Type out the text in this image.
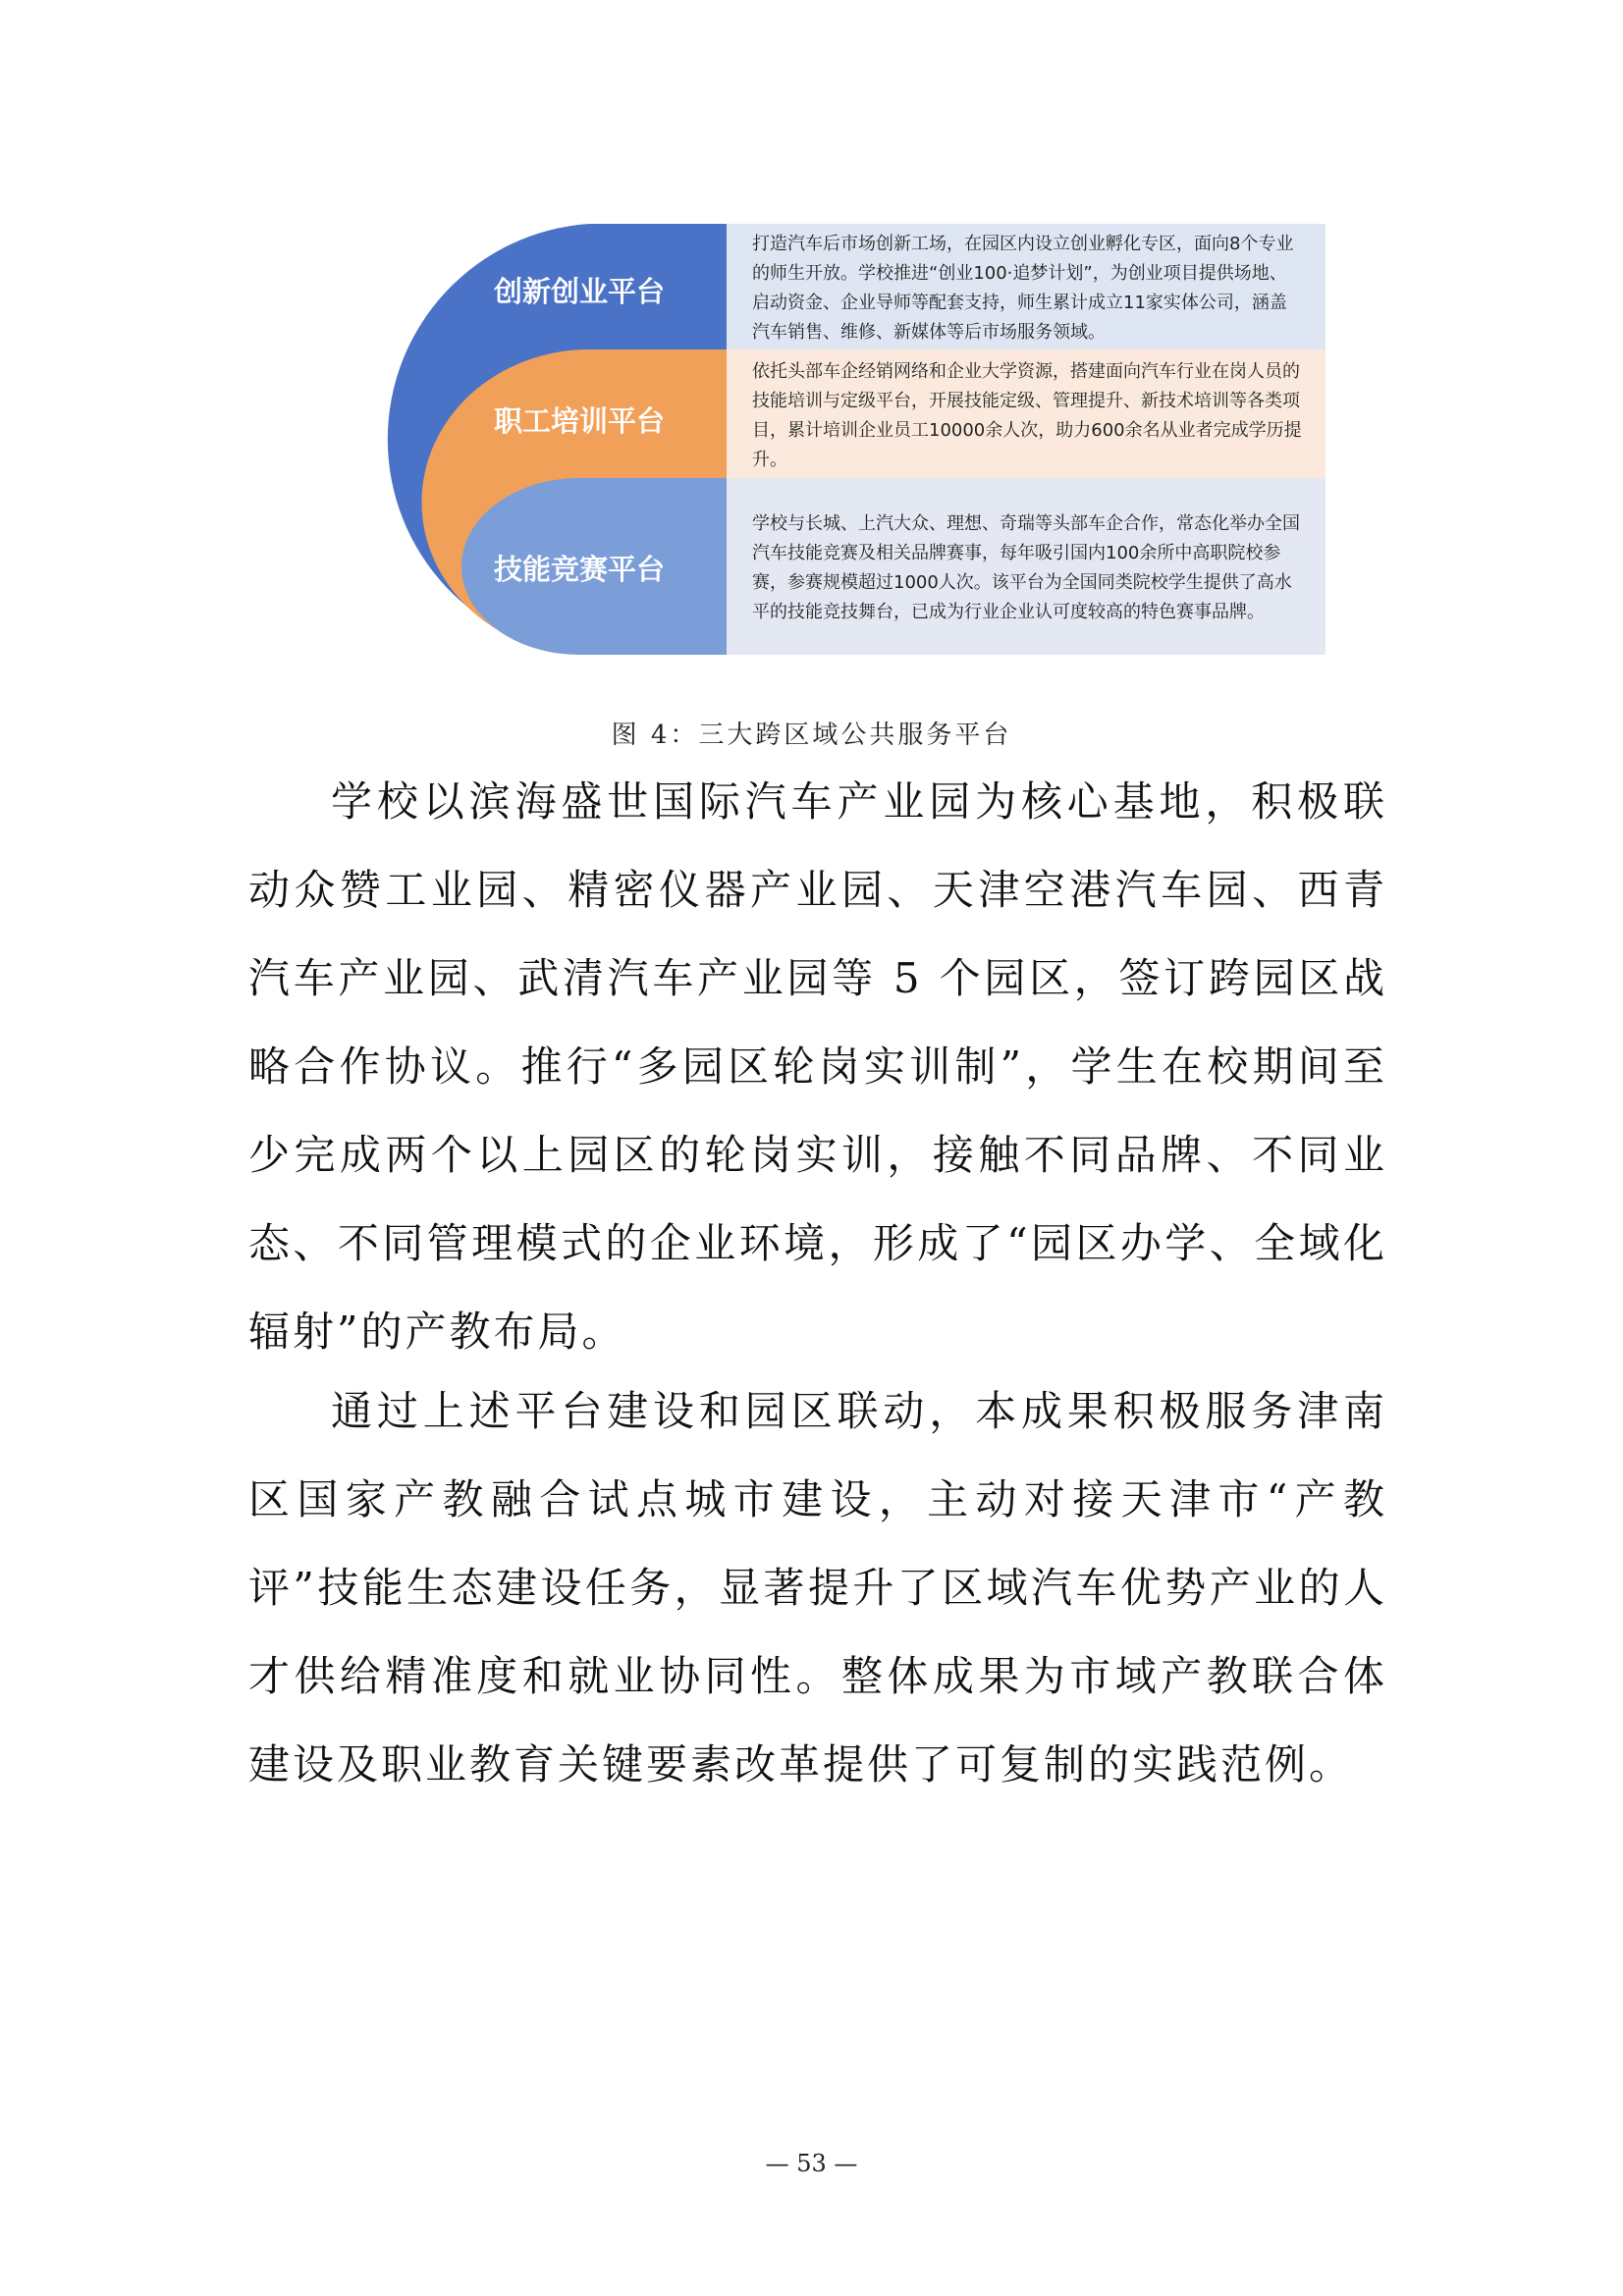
创新创业平台
职工培训平台
技能竞赛平台
打造汽车后市场创新工场，在园区内设立创业孵化专区，面向8个专业的师生开放。学校推进“创业100·追梦计划”，为创业项目提供场地、启动资金、企业导师等配套支持，师生累计成立11家实体公司，涵盖汽车销售、维修、新媒体等后市场服务领域。
依托头部车企经销网络和企业大学资源，搭建面向汽车行业在岗人员的技能培训与定级平台，开展技能定级、管理提升、新技术培训等各类项目，累计培训企业员工10000余人次，助力600余名从业者完成学历提升。
学校与长城、上汽大众、理想、奇瑞等头部车企合作，常态化举办全国汽车技能竞赛及相关品牌赛事，每年吸引国内100余所中高职院校参赛，参赛规模超过1000人次。该平台为全国同类院校学生提供了高水平的技能竞技舞台，已成为行业企业认可度较高的特色赛事品牌。
图 4：三大跨区域公共服务平台

学校以滨海盛世国际汽车产业园为核心基地，积极联动众赞工业园、精密仪器产业园、天津空港汽车园、西青汽车产业园、武清汽车产业园等 5 个园区，签订跨园区战略合作协议。推行“多园区轮岗实训制”，学生在校期间至少完成两个以上园区的轮岗实训，接触不同品牌、不同业态、不同管理模式的企业环境，形成了“园区办学、全域化辐射”的产教布局。

通过上述平台建设和园区联动，本成果积极服务津南区国家产教融合试点城市建设，主动对接天津市“产教评”技能生态建设任务，显著提升了区域汽车优势产业的人才供给精准度和就业协同性。整体成果为市域产教联合体建设及职业教育关键要素改革提供了可复制的实践范例。

— 53 —
